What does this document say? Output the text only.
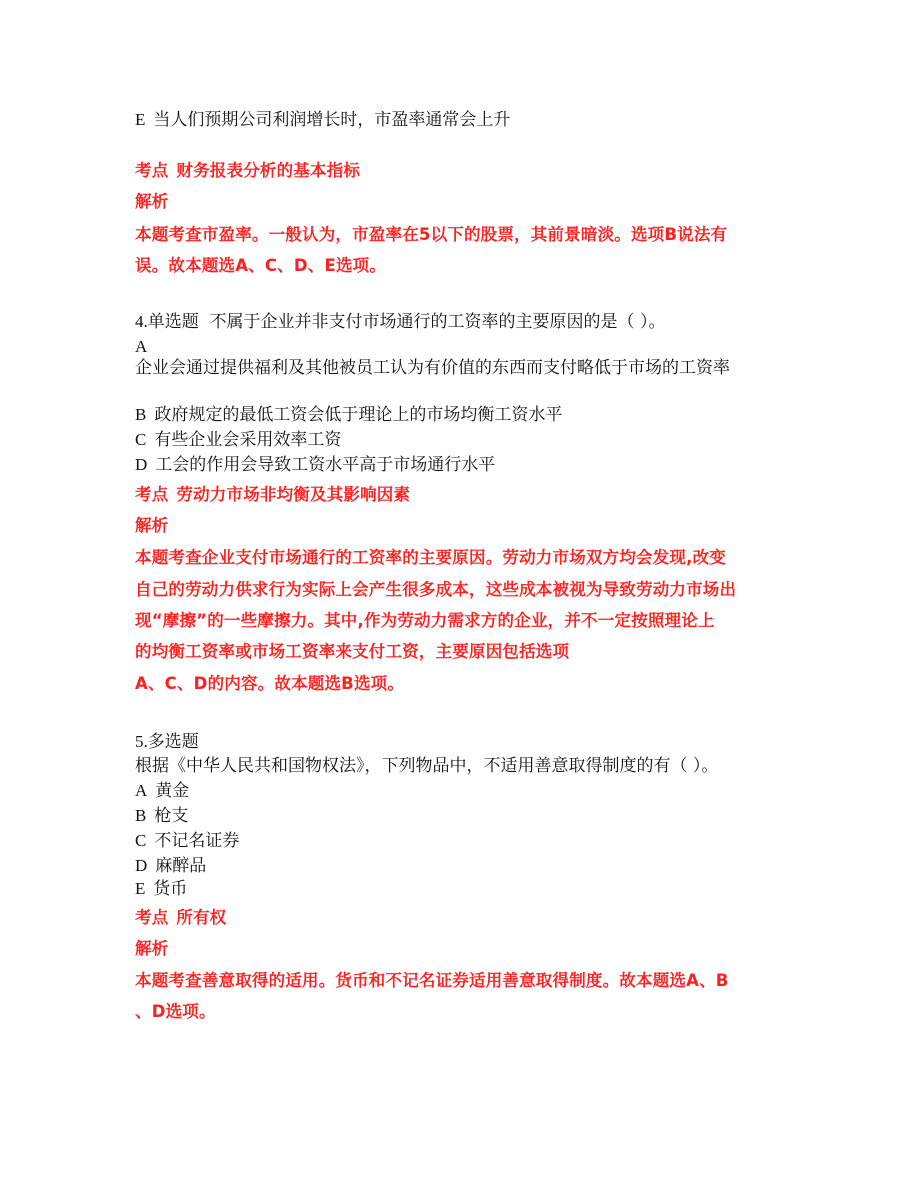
E 当人们预期公司利润增长时，市盈率通常会上升
考点 财务报表分析的基本指标
解析
本题考查市盈率。一般认为，市盈率在5以下的股票，其前景暗淡。选项B说法有
误。故本题选A、C、D、E选项。
4.单选题 不属于企业并非支付市场通行的工资率的主要原因的是（ ）。
A
企业会通过提供福利及其他被员工认为有价值的东西而支付略低于市场的工资率
B 政府规定的最低工资会低于理论上的市场均衡工资水平
C 有些企业会采用效率工资
D 工会的作用会导致工资水平高于市场通行水平
考点 劳动力市场非均衡及其影响因素
解析
本题考查企业支付市场通行的工资率的主要原因。劳动力市场双方均会发现,改变
自己的劳动力供求行为实际上会产生很多成本，这些成本被视为导致劳动力市场出
现“摩擦”的一些摩擦力。其中,作为劳动力需求方的企业，并不一定按照理论上
的均衡工资率或市场工资率来支付工资，主要原因包括选项
A、C、D的内容。故本题选B选项。
5.多选题
根据《中华人民共和国物权法》，下列物品中，不适用善意取得制度的有（ ）。
A 黄金
B 枪支
C 不记名证券
D 麻醉品
E 货币
考点 所有权
解析
本题考查善意取得的适用。货币和不记名证券适用善意取得制度。故本题选A、B
、D选项。
